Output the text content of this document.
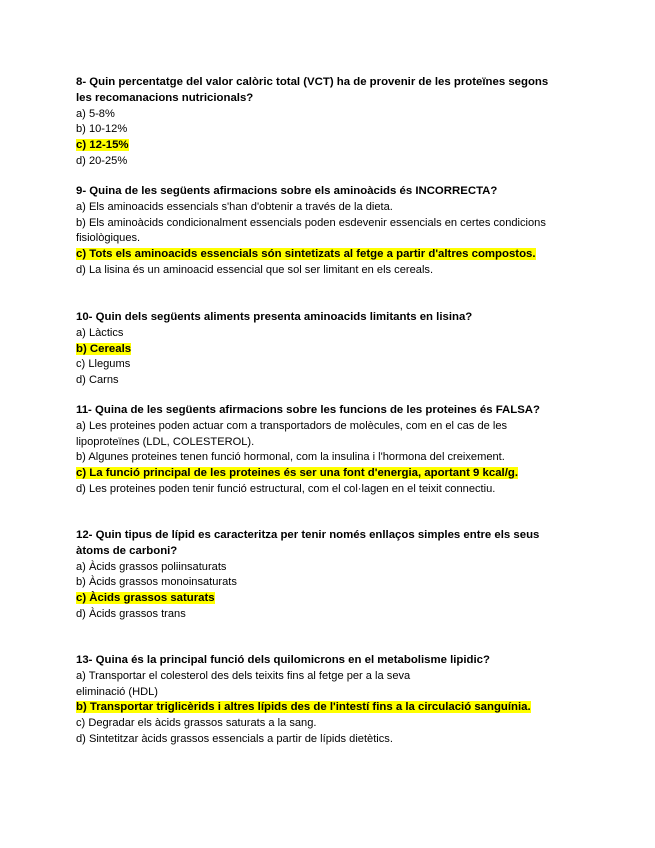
8- Quin percentatge del valor calòric total (VCT) ha de provenir de les proteïnes segons
les recomanacions nutricionals?

a) 5-8%
b) 10-12%
c) 12-15%
d) 20-25%

9- Quina de les següents afirmacions sobre els aminoàcids és INCORRECTA?

a) Els aminoacids essencials s'han d'obtenir a través de la dieta.
b) Els aminoàcids condicionalment essencials poden esdevenir essencials en certes condicions
fisiològiques.
c) Tots els aminoacids essencials són sintetizats al fetge a partir d'altres compostos.
d) La lisina és un aminoacid essencial que sol ser limitant en els cereals.

10- Quin dels següents aliments presenta aminoacids limitants en lisina?

a) Làctics
b) Cereals
c) Llegums
d) Carns

11- Quina de les següents afirmacions sobre les funcions de les proteines és FALSA?

a) Les proteines poden actuar com a transportadors de molècules, com en el cas de les
lipoproteïnes (LDL, COLESTEROL).
b) Algunes proteines tenen funció hormonal, com la insulina i l'hormona del creixement.
c) La funció principal de les proteines és ser una font d'energia, aportant 9 kcal/g.
d) Les proteines poden tenir funció estructural, com el col·lagen en el teixit connectiu.

12- Quin tipus de lípid es caracteritza per tenir només enllaços simples entre els seus
àtoms de carboni?

a) Àcids grassos poliinsaturats
b) Àcids grassos monoinsaturats
c) Àcids grassos saturats
d) Àcids grassos trans

13- Quina és la principal funció dels quilomicrons en el metabolisme lipidic?

a) Transportar el colesterol des dels teixits fins al fetge per a la seva
eliminació (HDL)
b) Transportar triglicèrids i altres lípids des de l'intestí fins a la circulació sanguínia.
c) Degradar els àcids grassos saturats a la sang.
d) Sintetitzar àcids grassos essencials a partir de lípids dietètics.
